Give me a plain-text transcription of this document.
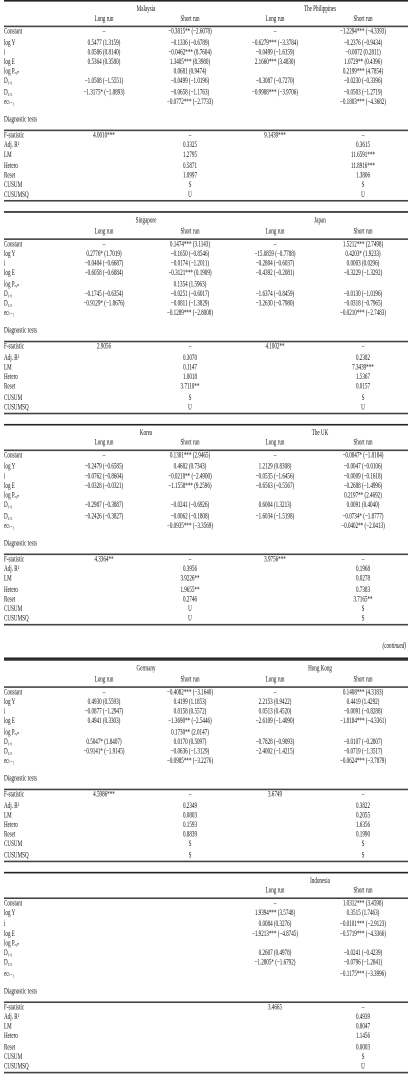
	Malaysia		The Philippines	
	Long run	Short run	Long run	Short run
Constant	–	−0.3815** (−2.6078)	–	−1.2294*** (−4.3393)
log Y	0.5477 (1.3159)	−0.1336 (−0.6789)	−0.6279*** (−3.3784)	−0.2376 (−0.9434)
i	0.0586 (0.8140)	−0.0462*** (8.7604)	−0.0499 (−1.6159)	−0.0072 (0.2811)
log E	0.5364 (0.3580)	1.3405*** (8.3980)	2.1660*** (3.4830)	1.0729** (0.4396)
log Pₑ,ₙ		0.0681 (0.9474)		0.2199*** (4.7854)
D₁,₁	−1.0508 (−1.5551)	−0.0499 (−1.0196)	−0.3087 (−0.7270)	−0.0230 (−0.3396)
D₂,₁	−1.3175* (−1.8893)	−0.0658 (−1.1763)	−0.9988*** (−3.9706)	−0.0503 (−1.2719)
ecₜ₋₁		−0.0772*** (−2.7733)		−0.1803*** (−4.3682)
Diagnostic tests
F-statistic	4.0010***	–	9.1439***	–
Adj. R²		0.3325		0.3615
LM		1.2795		11.6591***
Hetero		0.5871		11.8916***
Reset		1.0997		1.3806
CUSUM		S		S
CUSUMSQ		U		U
	Singapore		Japan	
	Long run	Short run	Long run	Short run
Constant	–	0.1474*** (3.1143)	–	1.5212*** (2.7498)
log Y	0.2776* (1.7019)	−0.1650 (−0.8546)	−15.0859 (−0.7788)	0.4203* (1.9233)
i	−0.0484 (−0.6687)	−0.0174 (−1.2011)	−0.2804 (−0.6037)	0.0003 (0.0296)
log E	−0.6058 (−0.6884)	−0.3121*** (0.1909)	−0.4392 (−0.2081)	−0.3229 (−1.3292)
log Pₑ,ₙ		0.1354 (1.5963)		
D₁,₁	−0.1745 (−0.6354)	−0.0251 (−0.6017)	−1.6374 (−0.8459)	−0.0130 (−1.0196)
D₂,₁	−0.9129* (−1.8676)	−0.0811 (−1.3829)	−3.2630 (−0.7980)	−0.0318 (−0.7965)
ecₜ₋₁		−0.1289*** (−2.8008)		−0.0210*** (−2.7483)
Diagnostic tests
F-statistic	2.9056	–	4.1002**	–
Adj. R²		0.3070		0.2382
LM		0.1147		7.3439***
Hetero		1.0018		1.5367
Reset		3.7110**		0.0157
CUSUM		S		S
CUSUMSQ		U		U
	Korea		The UK	
	Long run	Short run	Long run	Short run
Constant	–	0.1301*** (2.9465)	–	−0.0847* (−1.8184)
log Y	−0.2479 (−0.6585)	0.4682 (0.7343)	1.2129 (0.8308)	−0.0047 (−0.0106)
i	−0.0762 (−0.8604)	−0.0218** (−2.4900)	−0.0535 (−1.6456)	−0.0009 (−0.1618)
log E	−0.0328 (−0.0321)	−1.1558*** (9.2596)	−0.6563 (−0.5567)	−0.2688 (−1.4996)
log Pₑ,ₙ				0.2197** (2.4692)
D₁,₁	−0.2987 (−0.3887)	−0.0241 (−0.6926)	0.6004 (1.3213)	0.0091 (0.4040)
D₂,₁	−0.2426 (−0.3827)	−0.0062 (−0.1808)	−1.6034 (−1.5198)	−0.0734* (−1.8777)
ecₜ₋₁		−0.0935*** (−3.3569)		−0.0402** (−2.0413)
Diagnostic tests
F-statistic	4.3364**	–	3.9756***	–
Adj. R²		0.3956		0.1968
LM		3.9226**		0.0278
Hetero		1.9655**		0.7383
Reset		0.2746		3.7165**
CUSUM		U		S
CUSUMSQ		U		S
(continued)
	Germany		Hong Kong	
	Long run	Short run	Long run	Short run
Constant	–	−0.4082*** (−3.1640)	–	0.1408*** (4.3183)
log Y	0.4930 (0.5593)	0.4199 (1.1853)	2.2153 (0.9422)	0.4419 (1.4292)
i	−0.0877 (−1.2947)	0.0158 (0.5572)	0.0513 (0.4520)	−0.0091 (−0.8288)
log E	0.4941 (0.3303)	−1.3690** (−2.5446)	−2.6109 (−1.4090)	−1.8184*** (−4.3361)
log Pₑ,ₙ		0.1730** (2.0147)		
D₁,₁	0.5047* (1.8407)	0.0170 (0.5097)	−0.7828 (−0.9093)	−0.0107 (−0.2807)
D₂,₁	−0.9141* (−1.9145)	−0.0636 (−1.3129)	−2.4002 (−1.4215)	−0.0719 (−1.3517)
ecₜ₋₁		−0.0985*** (−3.2276)		−0.0624*** (−3.7879)
Diagnostic tests
F-statistic	4.5986***	–	3.6749	–
Adj. R²		0.2349		0.3822
LM		0.0803		0.2055
Hetero		0.1593		1.6356
Reset		0.8839		0.1990
CUSUM		S		S
CUSUMSQ		S		S
			Indonesia	
			Long run	Short run
Constant			–	1.0312*** (3.4598)
log Y			1.9394*** (3.5748)	0.3515 (1.7463)
i			0.0084 (0.3276)	−0.0101*** (−2.9123)
log E			−1.9213*** (−4.8745)	−0.5719*** (−4.3366)
log Pₑ,ₙ				
D₁,₁			0.2607 (0.4978)	−0.0241 (−0.4239)
D₂,₁			−1.2805* (−1.6792)	−0.0796 (−1.2841)
ecₜ₋₁				−0.1175*** (−3.3996)
Diagnostic tests
F-statistic			3.4665	–
Adj. R²				0.4939
LM				0.8047
Hetero				1.1456
Reset				0.0003
CUSUM				S
CUSUMSQ				U
